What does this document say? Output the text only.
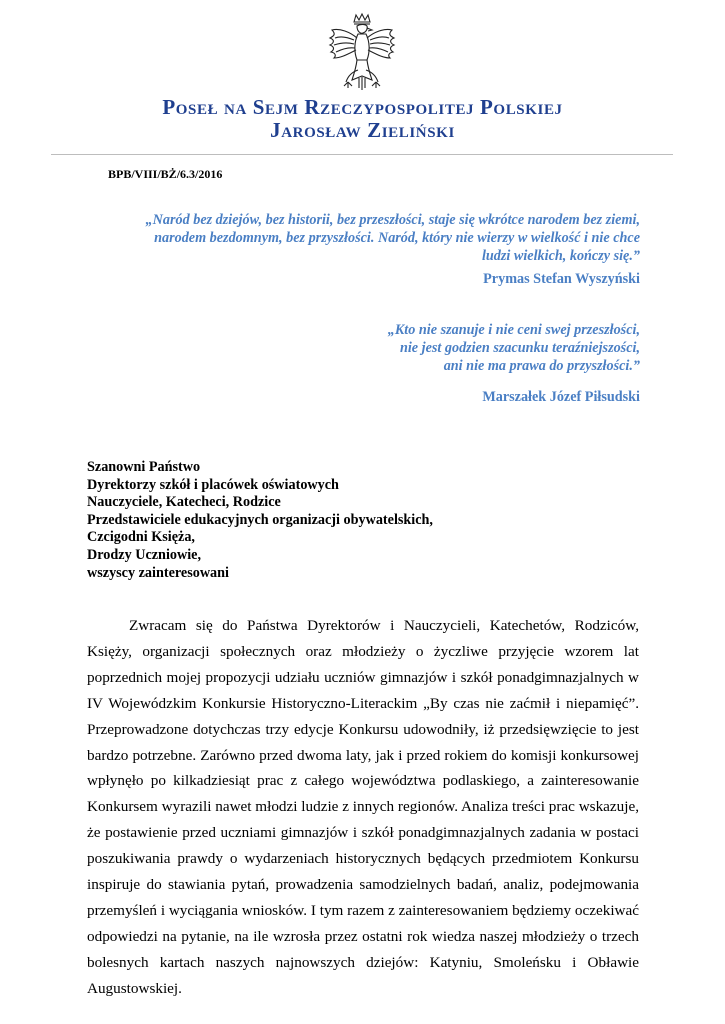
Poseł na Sejm Rzeczypospolitej Polskiej
Jarosław Zieliński
BPB/VIII/BŻ/6.3/2016
„Naród bez dziejów, bez historii, bez przeszłości, staje się wkrótce narodem bez ziemi,
narodem bezdomnym, bez przyszłości. Naród, który nie wierzy w wielkość i nie chce
ludzi wielkich, kończy się.”
Prymas Stefan Wyszyński
„Kto nie szanuje i nie ceni swej przeszłości,
nie jest godzien szacunku teraźniejszości,
ani nie ma prawa do przyszłości.”
Marszałek Józef Piłsudski
Szanowni Państwo
Dyrektorzy szkół i placówek oświatowych
Nauczyciele, Katecheci, Rodzice
Przedstawiciele edukacyjnych organizacji obywatelskich,
Czcigodni Księża,
Drodzy Uczniowie,
wszyscy zainteresowani

Zwracam się do Państwa Dyrektorów i Nauczycieli, Katechetów, Rodziców, Księży, organizacji społecznych oraz młodzieży o życzliwe przyjęcie wzorem lat poprzednich mojej propozycji udziału uczniów gimnazjów i szkół ponadgimnazjalnych w IV Wojewódzkim Konkursie Historyczno-Literackim „By czas nie zaćmił i niepamięć”. Przeprowadzone dotychczas trzy edycje Konkursu udowodniły, iż przedsięwzięcie to jest bardzo potrzebne. Zarówno przed dwoma laty, jak i przed rokiem do komisji konkursowej wpłynęło po kilkadziesiąt prac z całego województwa podlaskiego, a zainteresowanie Konkursem wyrazili nawet młodzi ludzie z innych regionów. Analiza treści prac wskazuje, że postawienie przed uczniami gimnazjów i szkół ponadgimnazjalnych zadania w postaci poszukiwania prawdy o wydarzeniach historycznych będących przedmiotem Konkursu inspiruje do stawiania pytań, prowadzenia samodzielnych badań, analiz, podejmowania przemyśleń i wyciągania wniosków. I tym razem z zainteresowaniem będziemy oczekiwać odpowiedzi na pytanie, na ile wzrosła przez ostatni rok wiedza naszej młodzieży o trzech bolesnych kartach naszych najnowszych dziejów: Katyniu, Smoleńsku i Obławie Augustowskiej.
